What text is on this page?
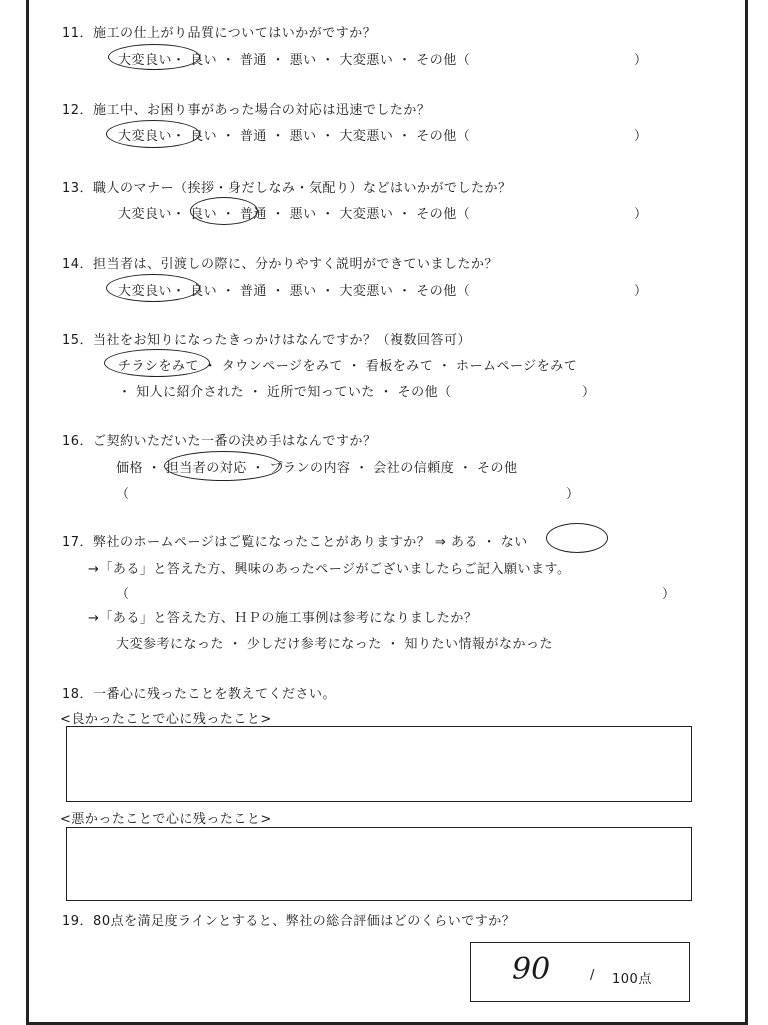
11．施工の仕上がり品質についてはいかがですか？
大変良い・ 良い ・ 普通 ・ 悪い ・ 大変悪い ・ その他（	）
12．施工中、お困り事があった場合の対応は迅速でしたか？
大変良い・ 良い ・ 普通 ・ 悪い ・ 大変悪い ・ その他（	）
13．職人のマナー（挨拶・身だしなみ・気配り）などはいかがでしたか？
大変良い・ 良い ・ 普通 ・ 悪い ・ 大変悪い ・ その他（	）
14．担当者は、引渡しの際に、分かりやすく説明ができていましたか？
大変良い・ 良い ・ 普通 ・ 悪い ・ 大変悪い ・ その他（	）
15．当社をお知りになったきっかけはなんですか？（複数回答可）
チラシをみて ・ タウンページをみて ・ 看板をみて ・ ホームページをみて
・ 知人に紹介された ・ 近所で知っていた ・ その他（	）
16．ご契約いただいた一番の決め手はなんですか？
価格 ・ 担当者の対応 ・ プランの内容 ・ 会社の信頼度 ・ その他
（	）
17．弊社のホームページはご覧になったことがありますか？ ⇒ ある ・ ない
→「ある」と答えた方、興味のあったページがございましたらご記入願います。
（	）
→「ある」と答えた方、ＨＰの施工事例は参考になりましたか？
大変参考になった ・ 少しだけ参考になった ・ 知りたい情報がなかった
18．一番心に残ったことを教えてください。
<良かったことで心に残ったこと>
<悪かったことで心に残ったこと>
19．80点を満足度ラインとすると、弊社の総合評価はどのくらいですか？
90	/ 100点
